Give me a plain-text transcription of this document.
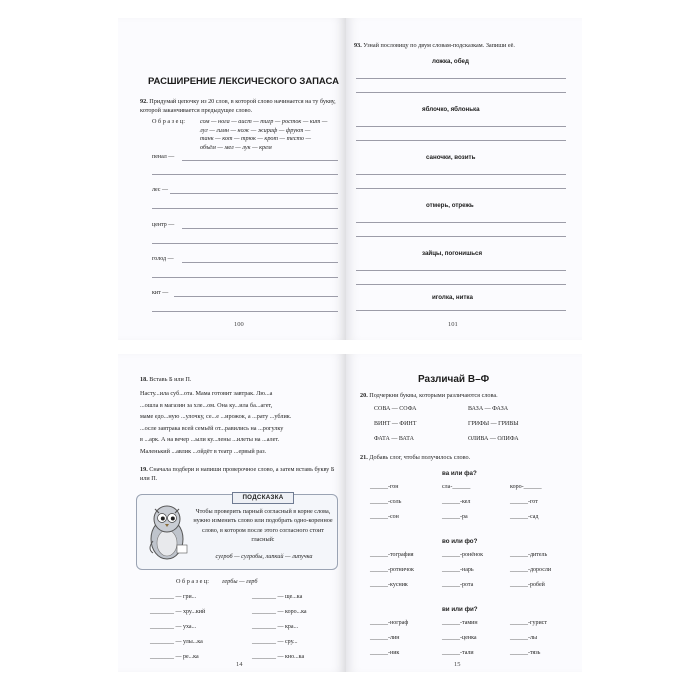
РАСШИРЕНИЕ ЛЕКСИЧЕСКОГО ЗАПАСА
92. Придумай цепочку из 20 слов, в которой слово начинается на ту букву, которой заканчивается предыдущее слово.
О б р а з е ц: сом — нога — аист — тигр — росток — кит —
луг — гимн — нож — жираф — фрукт —
танк — кот — трюк — крот — тесто —
объём — мел — лук — крем
пенал —
лес —
центр —
голод —
кит —
100
93. Узнай пословицу по двум словам-подсказкам. Запиши её.
ложка, обед
яблочко, яблонька
саночки, возить
отмерь, отрежь
зайцы, погонишься
иголка, нитка
101
18. Вставь Б или П.
Насту...ила суб...ота. Мама готовит завтрак. Лю...а
...ошла в магазин за хле...ом. Она ку...ила ба...агет,
маме едо...ную ...улочку, се...е ...ирожок, а ...рату ...ублик.
...осле завтрака всей семьёй от...равились на ...рогулку
в ...арк. А на вечер ...ыли ку...лены ...илеты на ...алет.
Маленький ...авлик ...ойдёт в театр ...ервый раз.
19. Сначала подбери и напиши проверочное слово, а затем вставь букву Б или П.
Чтобы проверить парный согласный в корне слова, нужно изменить слово или подобрать одно-коренное слово, в котором после этого согласного стоит гласный:
сугроб — сугробы, липкий — липучка
ПОДСКАЗКА
О б р а з е ц: гербы — герб
________ — гри...
________ — хру...кий
________ — уха...
________ — улы...ка
________ — ре...ка
________ — ще...ка
________ — коро...ка
________ — кра...
________ — сру...
________ — кно...ка
14
Различай В–Ф
20. Подчеркни буквы, которыми различаются слова.
СОВА — СОФА
ВИНТ — ФИНТ
ФАТА — ВАТА
ВАЗА — ФАЗА
ГРИФЫ — ГРИВЫ
ОЛИВА — ОЛИФА
21. Добавь слог, чтобы получилось слово.
ва или фа?
______-гон
______-соль
______-сон
сла-______
______-кел
______-ра
коро-______
______-гот
______-сад
во или фо?
______-тография
______-ротничок
______-кусник
______-ронёнок
______-нарь
______-рота
______-дитель
______-доросли
______-робей
ви или фи?
______-нограф
______-лин
______-ник
______-тамин
______-ценка
______-тали
______-гурист
______-лы
______-тязь
15
